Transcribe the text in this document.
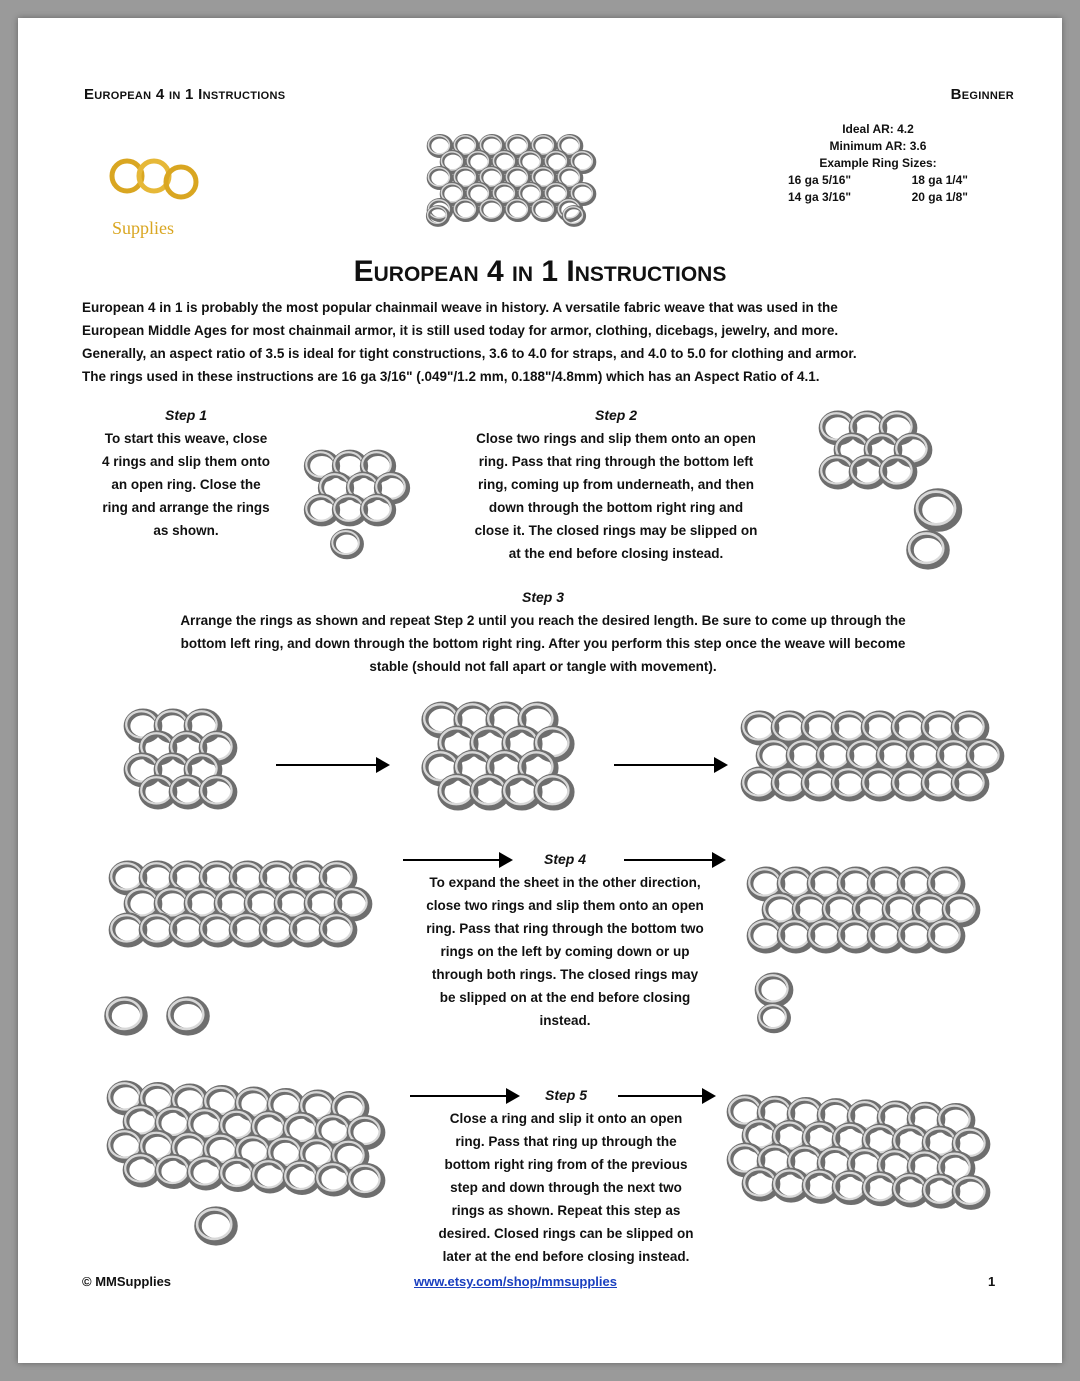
European 4 in 1 Instructions	Beginner
Supplies
Ideal AR: 4.2
Minimum AR: 3.6
Example Ring Sizes:
16 ga 5/16"	18 ga 1/4"
14 ga 3/16"	20 ga 1/8"
European 4 in 1 Instructions
European 4 in 1 is probably the most popular chainmail weave in history. A versatile fabric weave that was used in the
European Middle Ages for most chainmail armor, it is still used today for armor, clothing, dicebags, jewelry, and more.
Generally, an aspect ratio of 3.5 is ideal for tight constructions, 3.6 to 4.0 for straps, and 4.0 to 5.0 for clothing and armor.
The rings used in these instructions are 16 ga 3/16" (.049"/1.2 mm, 0.188"/4.8mm) which has an Aspect Ratio of 4.1.
Step 1
To start this weave, close
4 rings and slip them onto
an open ring. Close the
ring and arrange the rings
as shown.
Step 2
Close two rings and slip them onto an open
ring. Pass that ring through the bottom left
ring, coming up from underneath, and then
down through the bottom right ring and
close it. The closed rings may be slipped on
at the end before closing instead.
Step 3
Arrange the rings as shown and repeat Step 2 until you reach the desired length. Be sure to come up through the
bottom left ring, and down through the bottom right ring. After you perform this step once the weave will become
stable (should not fall apart or tangle with movement).
Step 4
To expand the sheet in the other direction,
close two rings and slip them onto an open
ring. Pass that ring through the bottom two
rings on the left by coming down or up
through both rings. The closed rings may
be slipped on at the end before closing
instead.
Step 5
Close a ring and slip it onto an open
ring. Pass that ring up through the
bottom right ring from of the previous
step and down through the next two
rings as shown. Repeat this step as
desired. Closed rings can be slipped on
later at the end before closing instead.
© MMSupplies	www.etsy.com/shop/mmsupplies	1
